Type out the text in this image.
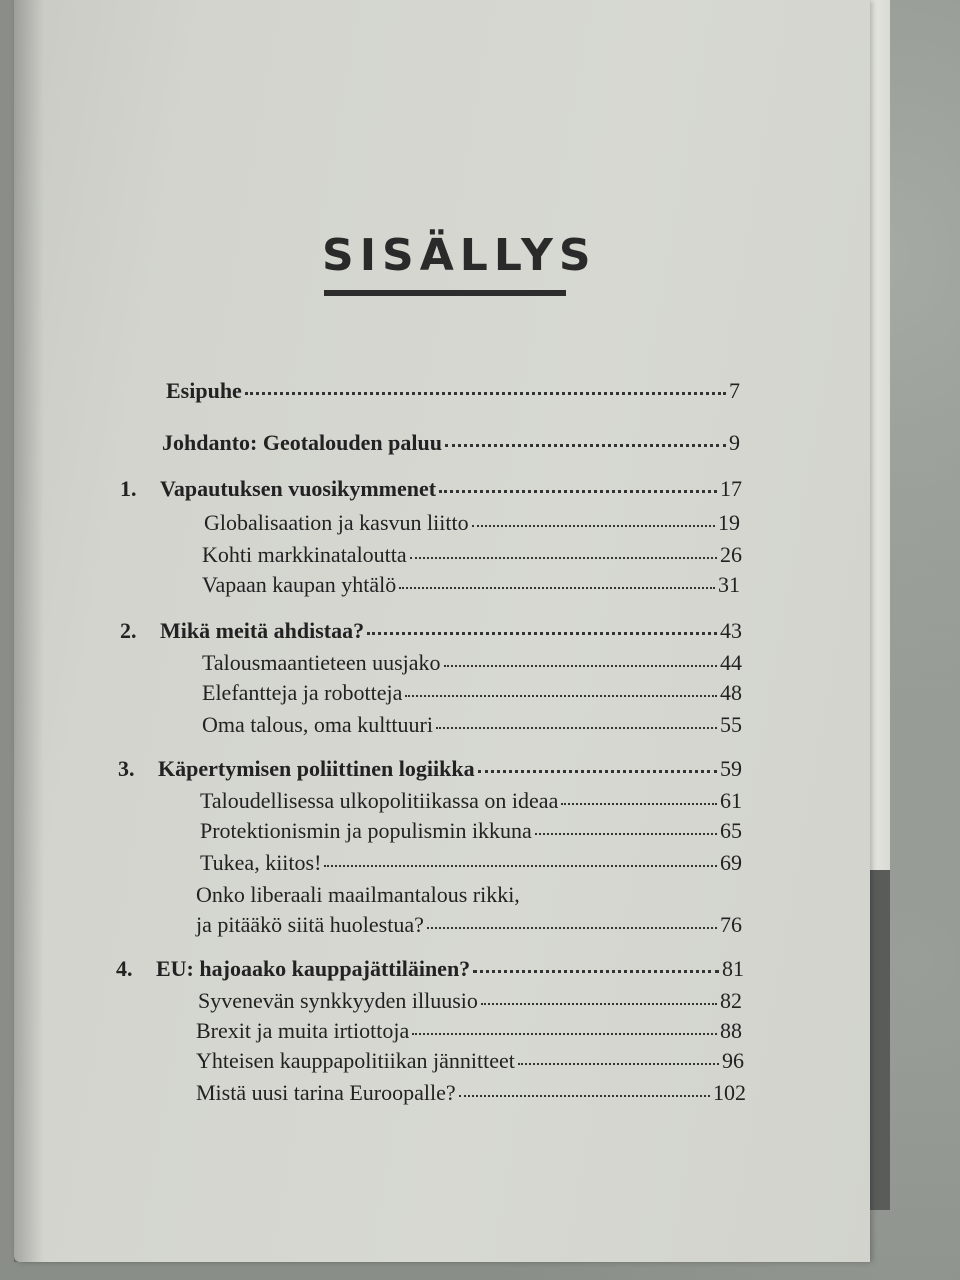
SISÄLLYS
Esipuhe	7
Johdanto: Geotalouden paluu	9
1. Vapautuksen vuosikymmenet	17
Globalisaation ja kasvun liitto	19
Kohti markkinataloutta	26
Vapaan kaupan yhtälö	31
2. Mikä meitä ahdistaa?	43
Talousmaantieteen uusjako	44
Elefantteja ja robotteja	48
Oma talous, oma kulttuuri	55
3. Käpertymisen poliittinen logiikka	59
Taloudellisessa ulkopolitiikassa on ideaa	61
Protektionismin ja populismin ikkuna	65
Tukea, kiitos!	69
Onko liberaali maailmantalous rikki,
ja pitääkö siitä huolestua?	76
4. EU: hajoaako kauppajättiläinen?	81
Syvenevän synkkyyden illuusio	82
Brexit ja muita irtiottoja	88
Yhteisen kauppapolitiikan jännitteet	96
Mistä uusi tarina Euroopalle?	102
